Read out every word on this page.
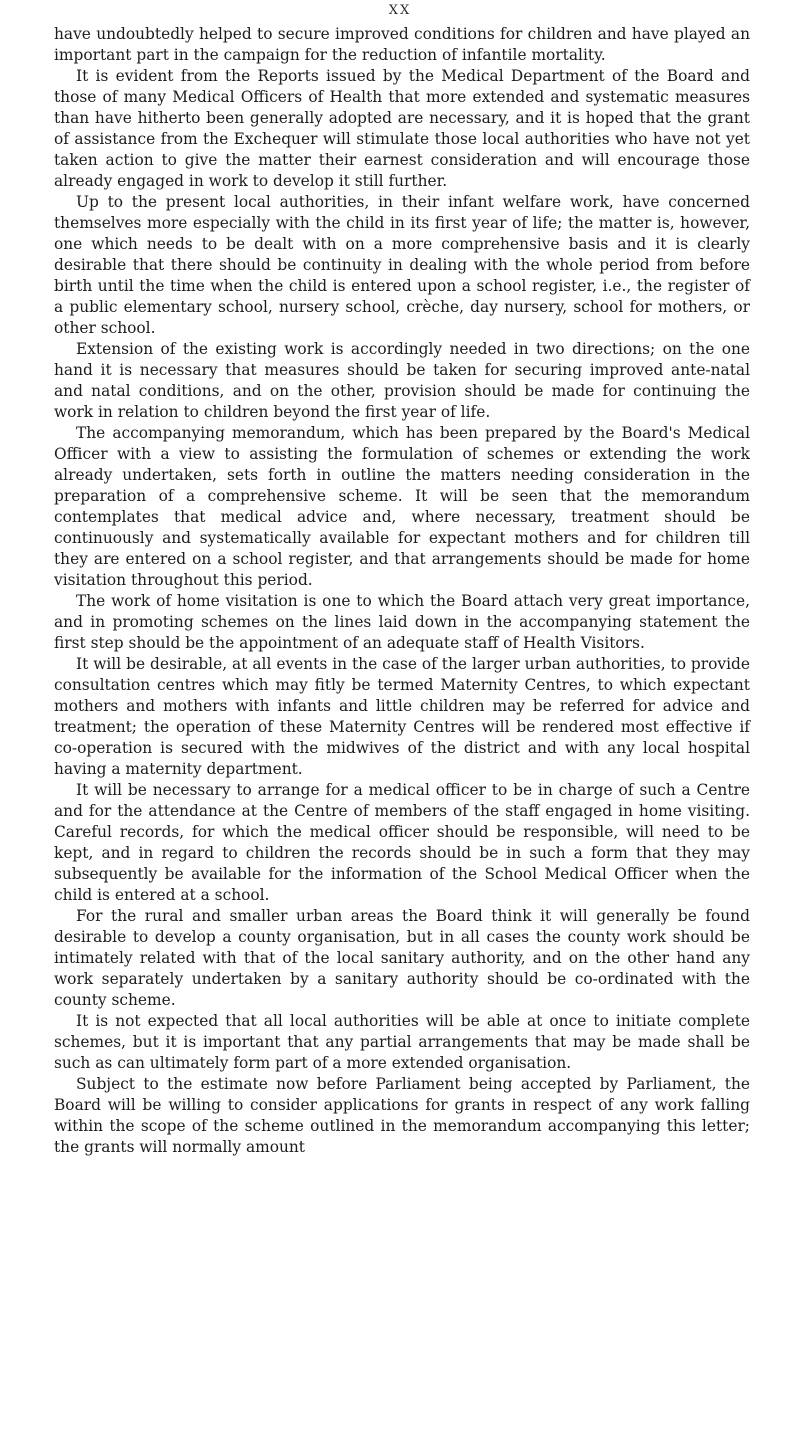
XX

have undoubtedly helped to secure improved conditions for children and have played an important part in the campaign for the reduction of infantile mortality.

It is evident from the Reports issued by the Medical Department of the Board and those of many Medical Officers of Health that more extended and systematic measures than have hitherto been generally adopted are necessary, and it is hoped that the grant of assistance from the Exchequer will stimulate those local authorities who have not yet taken action to give the matter their earnest consideration and will encourage those already engaged in work to develop it still further.

Up to the present local authorities, in their infant welfare work, have concerned themselves more especially with the child in its first year of life; the matter is, however, one which needs to be dealt with on a more comprehensive basis and it is clearly desirable that there should be continuity in dealing with the whole period from before birth until the time when the child is entered upon a school register, i.e., the register of a public elementary school, nursery school, crèche, day nursery, school for mothers, or other school.

Extension of the existing work is accordingly needed in two directions; on the one hand it is necessary that measures should be taken for securing improved ante-natal and natal conditions, and on the other, provision should be made for continuing the work in relation to children beyond the first year of life.

The accompanying memorandum, which has been prepared by the Board's Medical Officer with a view to assisting the formulation of schemes or extending the work already undertaken, sets forth in outline the matters needing consideration in the preparation of a comprehensive scheme. It will be seen that the memorandum contemplates that medical advice and, where necessary, treatment should be continuously and systematically available for expectant mothers and for children till they are entered on a school register, and that arrangements should be made for home visitation throughout this period.

The work of home visitation is one to which the Board attach very great importance, and in promoting schemes on the lines laid down in the accompanying statement the first step should be the appointment of an adequate staff of Health Visitors.

It will be desirable, at all events in the case of the larger urban authorities, to provide consultation centres which may fitly be termed Maternity Centres, to which expectant mothers and mothers with infants and little children may be referred for advice and treatment; the operation of these Maternity Centres will be rendered most effective if co-operation is secured with the midwives of the district and with any local hospital having a maternity department.

It will be necessary to arrange for a medical officer to be in charge of such a Centre and for the attendance at the Centre of members of the staff engaged in home visiting. Careful records, for which the medical officer should be responsible, will need to be kept, and in regard to children the records should be in such a form that they may subsequently be available for the information of the School Medical Officer when the child is entered at a school.

For the rural and smaller urban areas the Board think it will generally be found desirable to develop a county organisation, but in all cases the county work should be intimately related with that of the local sanitary authority, and on the other hand any work separately undertaken by a sanitary authority should be co-ordinated with the county scheme.

It is not expected that all local authorities will be able at once to initiate complete schemes, but it is important that any partial arrangements that may be made shall be such as can ultimately form part of a more extended organisation.

Subject to the estimate now before Parliament being accepted by Parliament, the Board will be willing to consider applications for grants in respect of any work falling within the scope of the scheme outlined in the memorandum accompanying this letter; the grants will normally amount
